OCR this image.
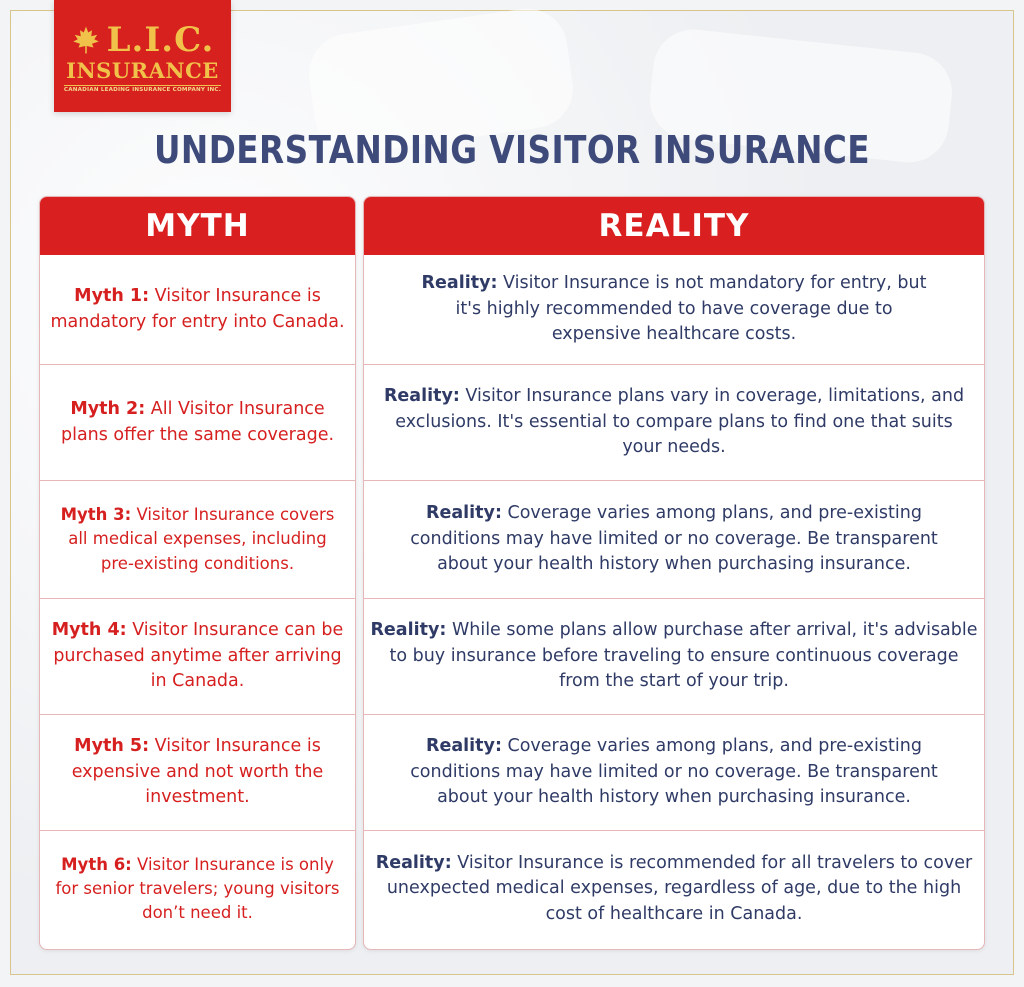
L.I.C.
INSURANCE
CANADIAN LEADING INSURANCE COMPANY INC.
UNDERSTANDING VISITOR INSURANCE
MYTH

Myth 1: Visitor Insurance is mandatory for entry into Canada.

Myth 2: All Visitor Insurance plans offer the same coverage.

Myth 3: Visitor Insurance covers all medical expenses, including pre-existing conditions.

Myth 4: Visitor Insurance can be purchased anytime after arriving in Canada.

Myth 5: Visitor Insurance is expensive and not worth the investment.

Myth 6: Visitor Insurance is only for senior travelers; young visitors don’t need it.

REALITY

Reality: Visitor Insurance is not mandatory for entry, but it's highly recommended to have coverage due to expensive healthcare costs.

Reality: Visitor Insurance plans vary in coverage, limitations, and exclusions. It's essential to compare plans to find one that suits your needs.

Reality: Coverage varies among plans, and pre-existing conditions may have limited or no coverage. Be transparent about your health history when purchasing insurance.

Reality: While some plans allow purchase after arrival, it's advisable to buy insurance before traveling to ensure continuous coverage from the start of your trip.

Reality: Coverage varies among plans, and pre-existing conditions may have limited or no coverage. Be transparent about your health history when purchasing insurance.

Reality: Visitor Insurance is recommended for all travelers to cover unexpected medical expenses, regardless of age, due to the high cost of healthcare in Canada.
